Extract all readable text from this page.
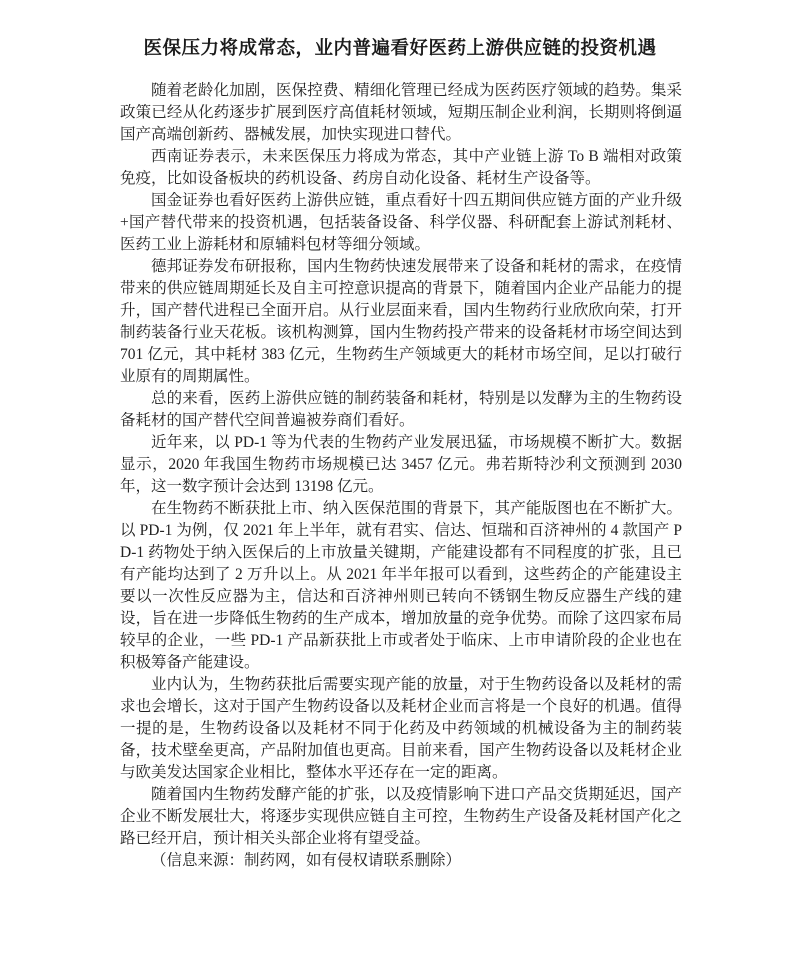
医保压力将成常态，业内普遍看好医药上游供应链的投资机遇

随着老龄化加剧，医保控费、精细化管理已经成为医药医疗领域的趋势。集采政策已经从化药逐步扩展到医疗高值耗材领域，短期压制企业利润，长期则将倒逼国产高端创新药、器械发展，加快实现进口替代。

西南证券表示，未来医保压力将成为常态，其中产业链上游 To B 端相对政策免疫，比如设备板块的药机设备、药房自动化设备、耗材生产设备等。

国金证券也看好医药上游供应链，重点看好十四五期间供应链方面的产业升级+国产替代带来的投资机遇，包括装备设备、科学仪器、科研配套上游试剂耗材、医药工业上游耗材和原辅料包材等细分领域。

德邦证券发布研报称，国内生物药快速发展带来了设备和耗材的需求，在疫情带来的供应链周期延长及自主可控意识提高的背景下，随着国内企业产品能力的提升，国产替代进程已全面开启。从行业层面来看，国内生物药行业欣欣向荣，打开制药装备行业天花板。该机构测算，国内生物药投产带来的设备耗材市场空间达到 701 亿元，其中耗材 383 亿元，生物药生产领域更大的耗材市场空间，足以打破行业原有的周期属性。

总的来看，医药上游供应链的制药装备和耗材，特别是以发酵为主的生物药设备耗材的国产替代空间普遍被券商们看好。

近年来，以 PD-1 等为代表的生物药产业发展迅猛，市场规模不断扩大。数据显示，2020 年我国生物药市场规模已达 3457 亿元。弗若斯特沙利文预测到 2030 年，这一数字预计会达到 13198 亿元。

在生物药不断获批上市、纳入医保范围的背景下，其产能版图也在不断扩大。以 PD-1 为例，仅 2021 年上半年，就有君实、信达、恒瑞和百济神州的 4 款国产 PD-1 药物处于纳入医保后的上市放量关键期，产能建设都有不同程度的扩张，且已有产能均达到了 2 万升以上。从 2021 年半年报可以看到，这些药企的产能建设主要以一次性反应器为主，信达和百济神州则已转向不锈钢生物反应器生产线的建设，旨在进一步降低生物药的生产成本，增加放量的竞争优势。而除了这四家布局较早的企业，一些 PD-1 产品新获批上市或者处于临床、上市申请阶段的企业也在积极筹备产能建设。

业内认为，生物药获批后需要实现产能的放量，对于生物药设备以及耗材的需求也会增长，这对于国产生物药设备以及耗材企业而言将是一个良好的机遇。值得一提的是，生物药设备以及耗材不同于化药及中药领域的机械设备为主的制药装备，技术壁垒更高，产品附加值也更高。目前来看，国产生物药设备以及耗材企业与欧美发达国家企业相比，整体水平还存在一定的距离。

随着国内生物药发酵产能的扩张，以及疫情影响下进口产品交货期延迟，国产企业不断发展壮大，将逐步实现供应链自主可控，生物药生产设备及耗材国产化之路已经开启，预计相关头部企业将有望受益。

（信息来源：制药网，如有侵权请联系删除）
